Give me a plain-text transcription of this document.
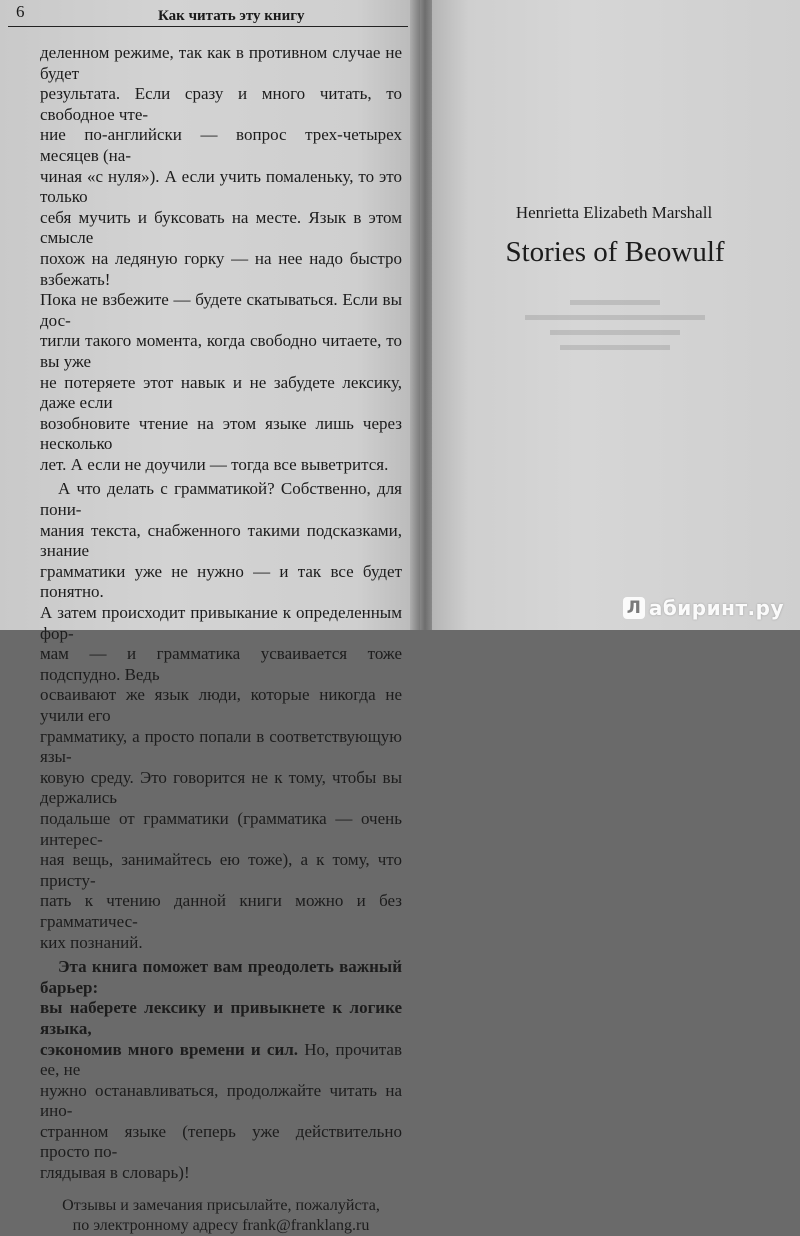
6	Как читать эту книгу

деленном режиме, так как в противном случае не будет

результата. Если сразу и много читать, то свободное чте-

ние по-английски — вопрос трех-четырех месяцев (на-

чиная «с нуля»). А если учить помаленьку, то это только

себя мучить и буксовать на месте. Язык в этом смысле

похож на ледяную горку — на нее надо быстро взбежать!

Пока не взбежите — будете скатываться. Если вы дос-

тигли такого момента, когда свободно читаете, то вы уже

не потеряете этот навык и не забудете лексику, даже если

возобновите чтение на этом языке лишь через несколько

лет. А если не доучили — тогда все выветрится.

А что делать с грамматикой? Собственно, для пони-

мания текста, снабженного такими подсказками, знание

грамматики уже не нужно — и так все будет понятно.

А затем происходит привыкание к определенным фор-

мам — и грамматика усваивается тоже подспудно. Ведь

осваивают же язык люди, которые никогда не учили его

грамматику, а просто попали в соответствующую язы-

ковую среду. Это говорится не к тому, чтобы вы держались

подальше от грамматики (грамматика — очень интерес-

ная вещь, занимайтесь ею тоже), а к тому, что присту-

пать к чтению данной книги можно и без грамматичес-

ких познаний.

Эта книга поможет вам преодолеть важный барьер:

вы наберете лексику и привыкнете к логике языка,

сэкономив много времени и сил. Но, прочитав ее, не

нужно останавливаться, продолжайте читать на ино-

странном языке (теперь уже действительно просто по-

глядывая в словарь)!

Отзывы и замечания присылайте, пожалуйста,
по электронному адресу frank@franklang.ru
Henrietta Elizabeth Marshall
Stories of Beowulf
Л абиринт.ру
